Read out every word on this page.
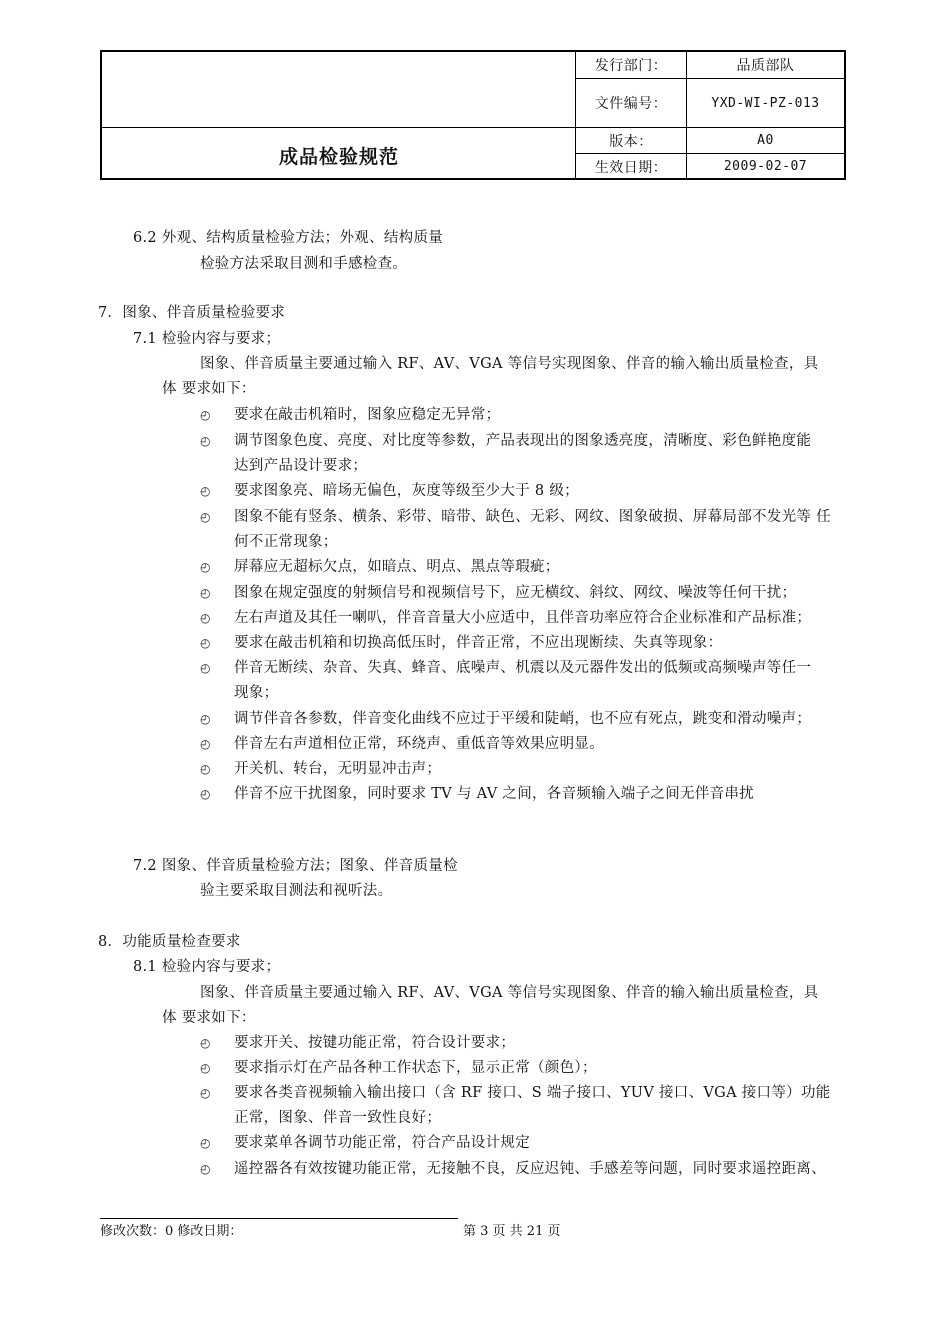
成品检验规范
发行部门：	品质部队
文件编号：	YXD-WI-PZ-013
版本：	A0
生效日期：	2009-02-07
6.2 外观、结构质量检验方法；外观、结构质量
检验方法采取目测和手感检查。
7．图象、伴音质量检验要求
7.1 检验内容与要求；
图象、伴音质量主要通过输入 RF、AV、VGA 等信号实现图象、伴音的输入输出质量检查，具
体 要求如下：
◴ 要求在敲击机箱时，图象应稳定无异常；
◴ 调节图象色度、亮度、对比度等参数，产品表现出的图象透亮度，清晰度、彩色鲜艳度能
达到产品设计要求；
◴ 要求图象亮、暗场无偏色，灰度等级至少大于 8 级；
◴ 图象不能有竖条、横条、彩带、暗带、缺色、无彩、网纹、图象破损、屏幕局部不发光等 任
何不正常现象；
◴ 屏幕应无超标欠点，如暗点、明点、黑点等瑕疵；
◴ 图象在规定强度的射频信号和视频信号下，应无横纹、斜纹、网纹、噪波等任何干扰；
◴ 左右声道及其任一喇叭，伴音音量大小应适中，且伴音功率应符合企业标准和产品标准；
◴ 要求在敲击机箱和切换高低压时，伴音正常，不应出现断续、失真等现象：
◴ 伴音无断续、杂音、失真、蜂音、底噪声、机震以及元器件发出的低频或高频噪声等任一
现象；
◴ 调节伴音各参数，伴音变化曲线不应过于平缓和陡峭，也不应有死点，跳变和滑动噪声；
◴ 伴音左右声道相位正常，环绕声、重低音等效果应明显。
◴ 开关机、转台，无明显冲击声；
◴ 伴音不应干扰图象，同时要求 TV 与 AV 之间，各音频输入端子之间无伴音串扰
7.2 图象、伴音质量检验方法；图象、伴音质量检
验主要采取目测法和视听法。
8．功能质量检查要求
8.1 检验内容与要求；
图象、伴音质量主要通过输入 RF、AV、VGA 等信号实现图象、伴音的输入输出质量检查，具
体 要求如下：
◴ 要求开关、按键功能正常，符合设计要求；
◴ 要求指示灯在产品各种工作状态下，显示正常（颜色）；
◴ 要求各类音视频输入输出接口（含 RF 接口、S 端子接口、YUV 接口、VGA 接口等）功能
正常，图象、伴音一致性良好；
◴ 要求菜单各调节功能正常，符合产品设计规定
◴ 遥控器各有效按键功能正常，无接触不良，反应迟钝、手感差等问题，同时要求遥控距离、
修改次数：0 修改日期：	第 3 页 共 21 页
